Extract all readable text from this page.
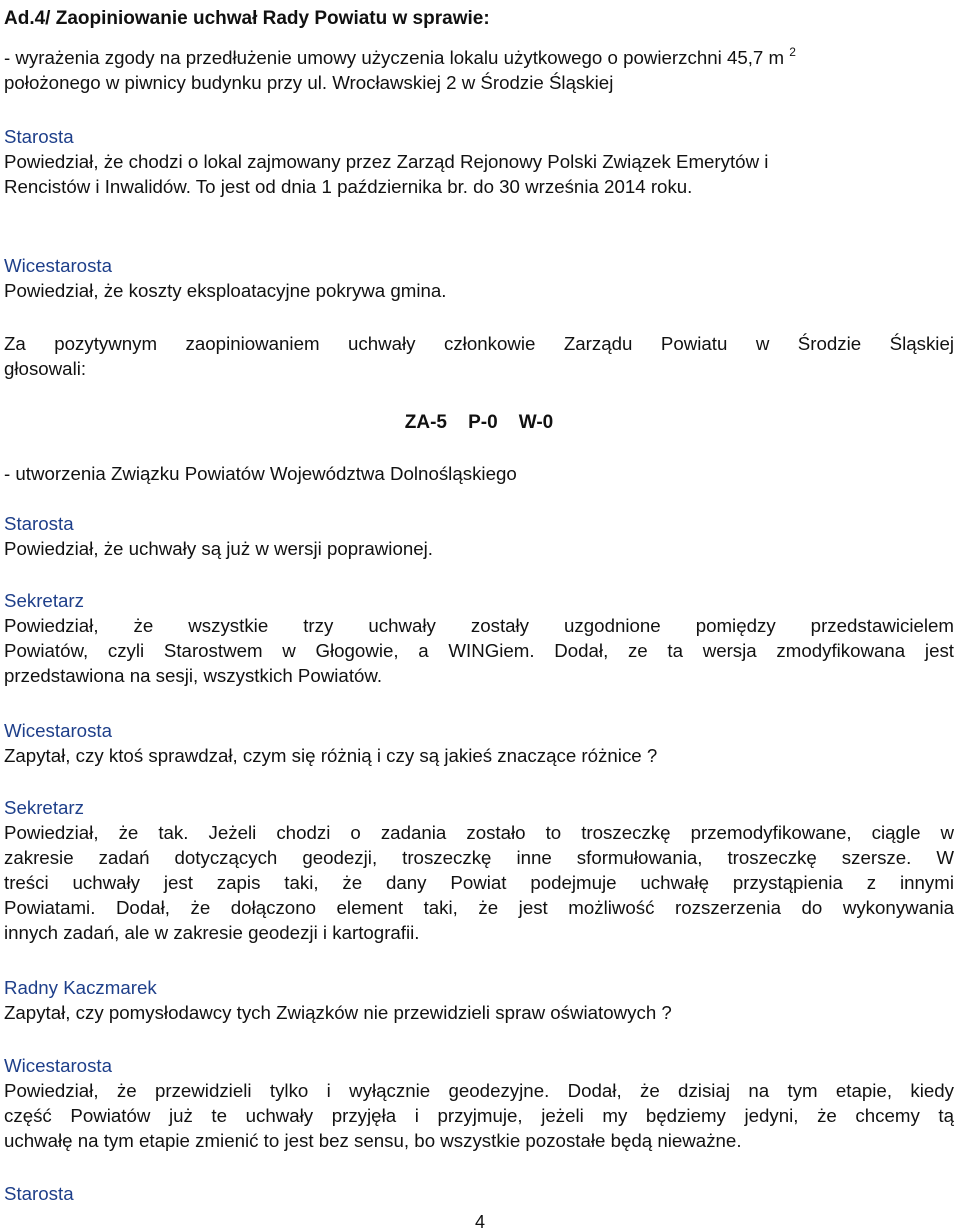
Ad.4/ Zaopiniowanie uchwał Rady Powiatu w sprawie:
- wyrażenia zgody na przedłużenie umowy użyczenia lokalu użytkowego o powierzchni 45,7 m $^2$
położonego w piwnicy budynku przy ul. Wrocławskiej 2 w Środzie Śląskiej
Starosta
Powiedział, że chodzi o lokal zajmowany przez Zarząd Rejonowy Polski Związek Emerytów i
Rencistów i Inwalidów. To jest od dnia 1 października br. do 30 września 2014 roku.
Wicestarosta
Powiedział, że koszty eksploatacyjne pokrywa gmina.
Za pozytywnym zaopiniowaniem uchwały członkowie Zarządu Powiatu w Środzie Śląskiej
głosowali:
ZA-5    P-0    W-0
- utworzenia Związku Powiatów Województwa Dolnośląskiego
Starosta
Powiedział, że uchwały są już w wersji poprawionej.
Sekretarz
Powiedział, że wszystkie trzy uchwały zostały uzgodnione pomiędzy przedstawicielem
Powiatów, czyli Starostwem w Głogowie, a WINGiem. Dodał, ze ta wersja zmodyfikowana jest
przedstawiona na sesji, wszystkich Powiatów.
Wicestarosta
Zapytał, czy ktoś sprawdzał, czym się różnią i czy są jakieś znaczące różnice ?
Sekretarz
Powiedział, że tak. Jeżeli chodzi o zadania zostało to troszeczkę przemodyfikowane, ciągle w
zakresie zadań dotyczących geodezji, troszeczkę inne sformułowania, troszeczkę szersze. W
treści uchwały jest zapis taki, że dany Powiat podejmuje uchwałę przystąpienia z innymi
Powiatami. Dodał, że dołączono element taki, że jest możliwość rozszerzenia do wykonywania
innych zadań, ale w zakresie geodezji i kartografii.
Radny Kaczmarek
Zapytał, czy pomysłodawcy tych Związków nie przewidzieli spraw oświatowych ?
Wicestarosta
Powiedział, że przewidzieli tylko i wyłącznie geodezyjne. Dodał, że dzisiaj na tym etapie, kiedy
część Powiatów już te uchwały przyjęła i przyjmuje, jeżeli my będziemy jedyni, że chcemy tą
uchwałę na tym etapie zmienić to jest bez sensu, bo wszystkie pozostałe będą nieważne.
Starosta
4
